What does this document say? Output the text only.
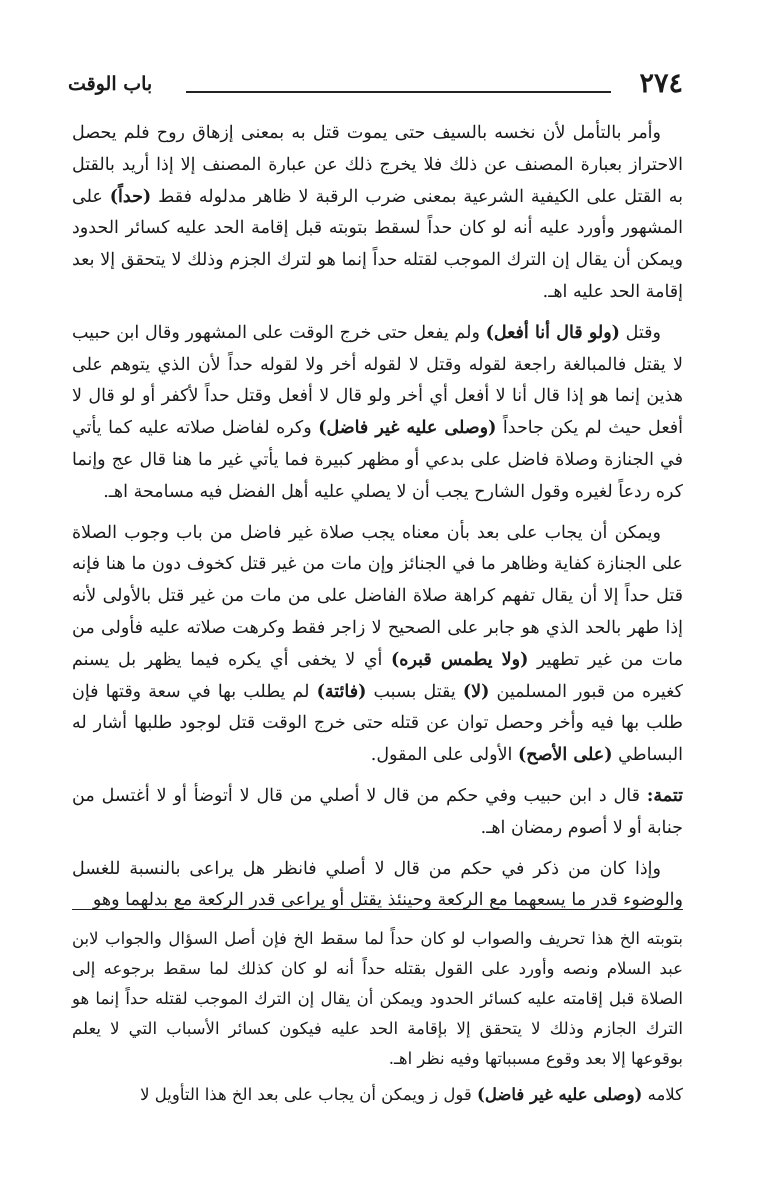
٢٧٤
باب الوقت

وأمر بالتأمل لأن نخسه بالسيف حتى يموت قتل به بمعنى إزهاق روح فلم يحصل الاحتراز بعبارة المصنف عن ذلك فلا يخرج ذلك عن عبارة المصنف إلا إذا أريد بالقتل به القتل على الكيفية الشرعية بمعنى ضرب الرقبة لا ظاهر مدلوله فقط (حداً) على المشهور وأورد عليه أنه لو كان حداً لسقط بتوبته قبل إقامة الحد عليه كسائر الحدود ويمكن أن يقال إن الترك الموجب لقتله حداً إنما هو لترك الجزم وذلك لا يتحقق إلا بعد إقامة الحد عليه اهـ.

وقتل (ولو قال أنا أفعل) ولم يفعل حتى خرج الوقت على المشهور وقال ابن حبيب لا يقتل فالمبالغة راجعة لقوله وقتل لا لقوله أخر ولا لقوله حداً لأن الذي يتوهم على هذين إنما هو إذا قال أنا لا أفعل أي أخر ولو قال لا أفعل وقتل حداً لأكفر أو لو قال لا أفعل حيث لم يكن جاحداً (وصلى عليه غير فاضل) وكره لفاضل صلاته عليه كما يأتي في الجنازة وصلاة فاضل على بدعي أو مظهر كبيرة فما يأتي غير ما هنا قال عج وإنما كره ردعاً لغيره وقول الشارح يجب أن لا يصلي عليه أهل الفضل فيه مسامحة اهـ.

ويمكن أن يجاب على بعد بأن معناه يجب صلاة غير فاضل من باب وجوب الصلاة على الجنازة كفاية وظاهر ما في الجنائز وإن مات من غير قتل كخوف دون ما هنا فإنه قتل حداً إلا أن يقال تفهم كراهة صلاة الفاضل على من مات من غير قتل بالأولى لأنه إذا طهر بالحد الذي هو جابر على الصحيح لا زاجر فقط وكرهت صلاته عليه فأولى من مات من غير تطهير (ولا يطمس قبره) أي لا يخفى أي يكره فيما يظهر بل يسنم كغيره من قبور المسلمين (لا) يقتل بسبب (فائتة) لم يطلب بها في سعة وقتها فإن طلب بها فيه وأخر وحصل توان عن قتله حتى خرج الوقت قتل لوجود طلبها أشار له البساطي (على الأصح) الأولى على المقول.

تتمة: قال د ابن حبيب وفي حكم من قال لا أصلي من قال لا أتوضأ أو لا أغتسل من جنابة أو لا أصوم رمضان اهـ.

وإذا كان من ذكر في حكم من قال لا أصلي فانظر هل يراعى بالنسبة للغسل والوضوء قدر ما يسعهما مع الركعة وحينئذ يقتل أو يراعى قدر الركعة مع بدلهما وهو

بتوبته الخ هذا تحريف والصواب لو كان حداً لما سقط الخ فإن أصل السؤال والجواب لابن عبد السلام ونصه وأورد على القول بقتله حداً أنه لو كان كذلك لما سقط برجوعه إلى الصلاة قبل إقامته عليه كسائر الحدود ويمكن أن يقال إن الترك الموجب لقتله حداً إنما هو الترك الجازم وذلك لا يتحقق إلا بإقامة الحد عليه فيكون كسائر الأسباب التي لا يعلم بوقوعها إلا بعد وقوع مسبباتها وفيه نظر اهـ.

كلامه (وصلى عليه غير فاضل) قول ز ويمكن أن يجاب على بعد الخ هذا التأويل لا
